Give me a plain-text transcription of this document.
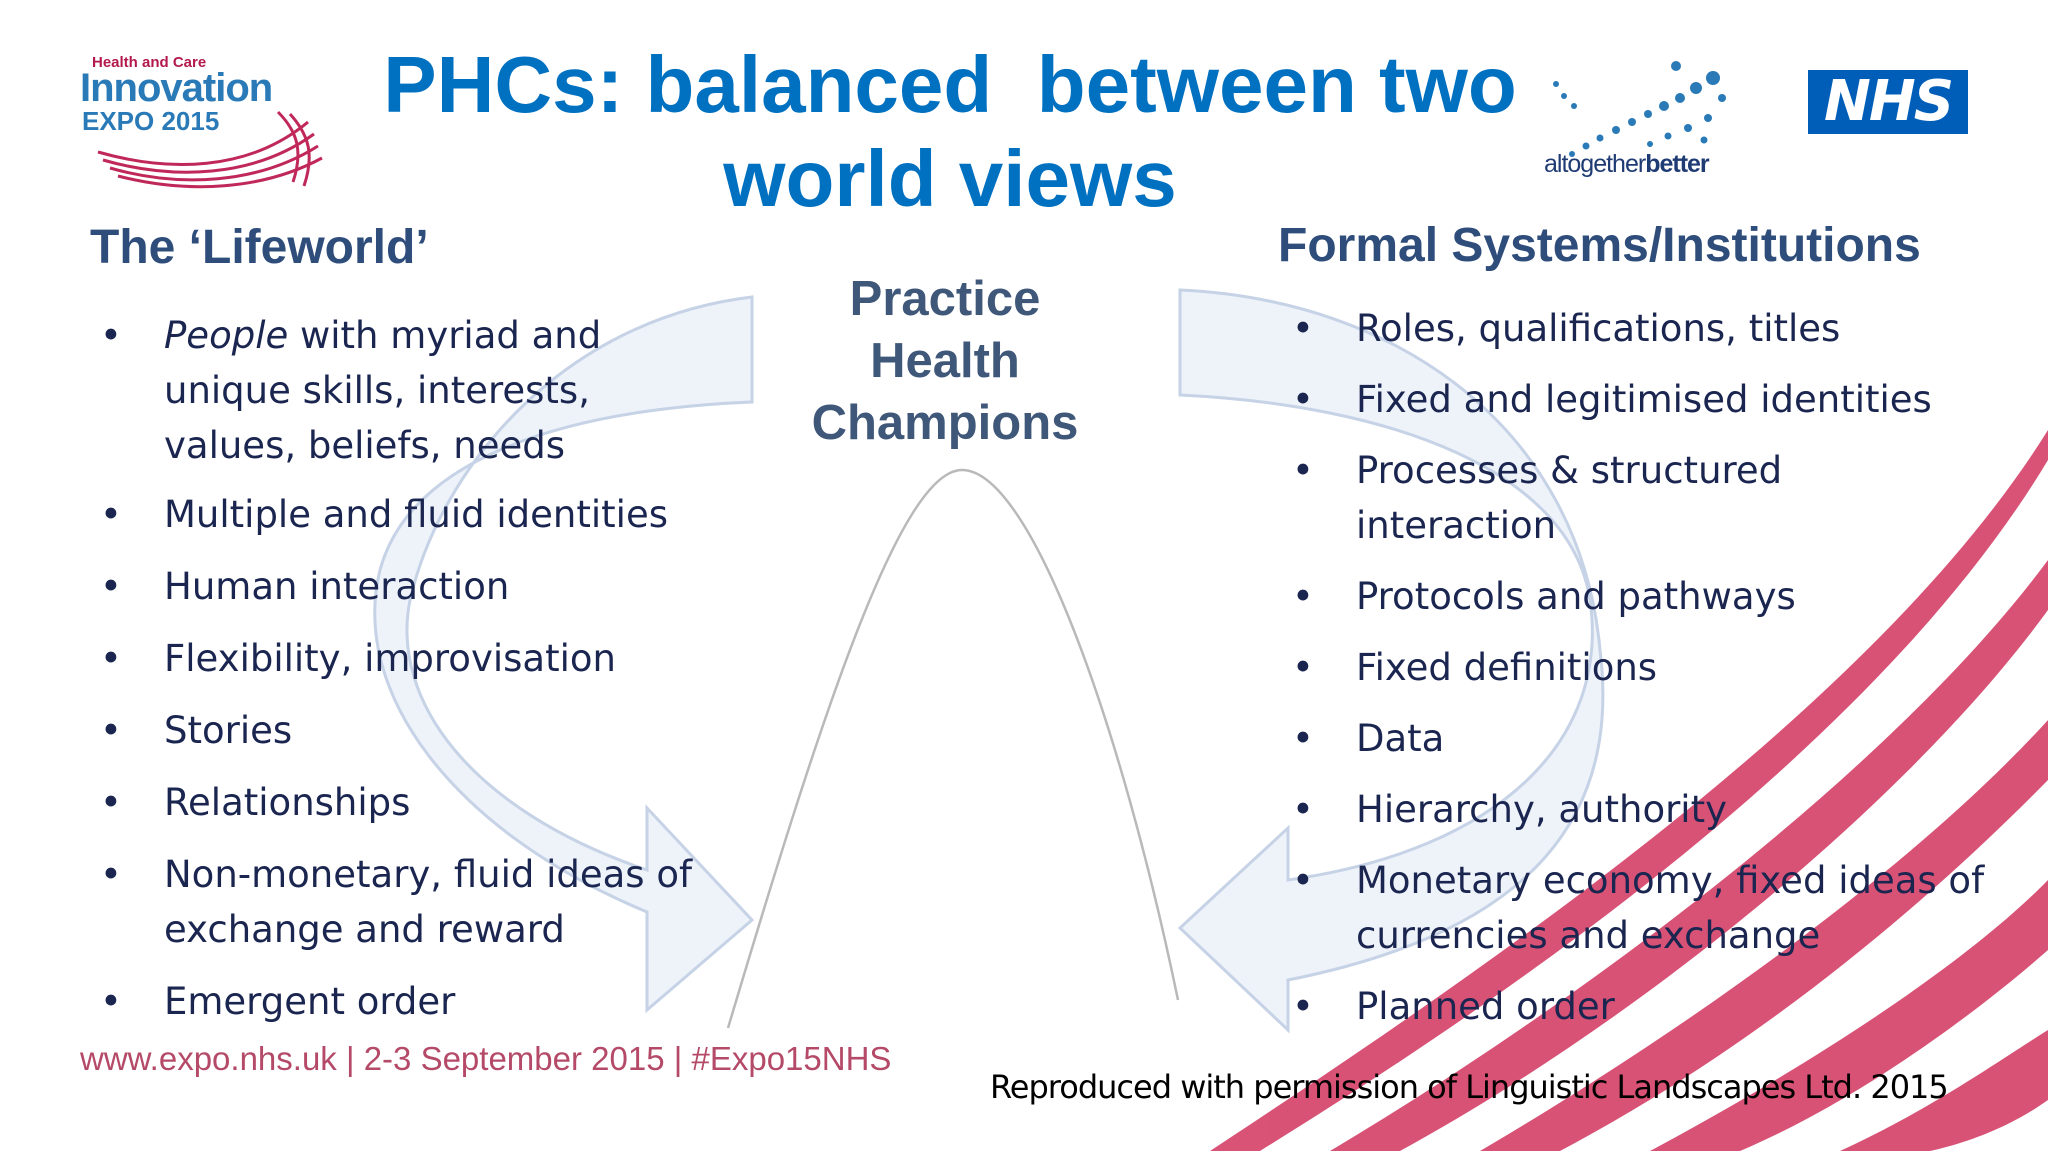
Health and Care
Innovation
EXPO 2015
altogetherbetter
NHS
PHCs: balanced  between two
world views
The ‘Lifeworld’	Formal Systems/Institutions
Practice
Health
Champions
• People with myriad and unique skills, interests, values, beliefs, needs
• Multiple and fluid identities
• Human interaction
• Flexibility, improvisation
• Stories
• Relationships
• Non-monetary, fluid ideas of exchange and reward
• Emergent order
• Roles, qualifications, titles
• Fixed and legitimised identities
• Processes & structured interaction
• Protocols and pathways
• Fixed definitions
• Data
• Hierarchy, authority
• Monetary economy, fixed ideas of currencies and exchange
• Planned order
www.expo.nhs.uk | 2-3 September 2015 | #Expo15NHS
Reproduced with permission of Linguistic Landscapes Ltd. 2015
